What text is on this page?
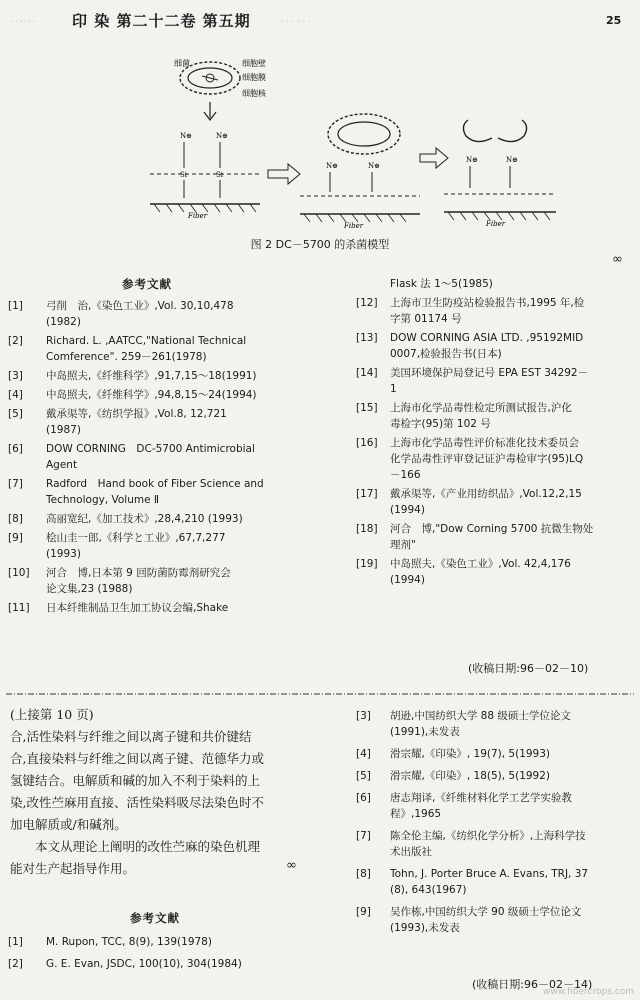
...... 印 染 第二十二卷 第五期	......	25
细菌	细胞壁
细胞膜
细胞核
N⊕	N⊕
Si	Si
Fiber
N⊕	N⊕
Fiber
N⊕	N⊕
Fiber
图 2 DC－5700 的杀菌模型
∞
参考文献
[1] 弓削　治,《染色工业》,Vol. 30,10,478
(1982)
[2] Richard. L. ,AATCC,"National Technical
Comference". 259－261(1978)
[3] 中岛照夫,《纤维科学》,91,7,15～18(1991)
[4] 中岛照夫,《纤维科学》,94,8,15～24(1994)
[5] 戴承渠等,《纺织学报》,Vol.8, 12,721
(1987)
[6] DOW CORNING　DC-5700 Antimicrobial
Agent
[7] Radford　Hand book of Fiber Science and
Technology, Volume Ⅱ
[8] 高丽宽纪,《加工技术》,28,4,210 (1993)
[9] 桧山圭一郎,《科学と工业》,67,7,277
(1993)
[10] 河合　博,日本第 9 回防菌防霉剂研究会
论文集,23 (1988)
[11] 日本纤维制品卫生加工协议会编,Shake
Flask 法 1～5(1985)
[12] 上海市卫生防疫站检验报告书,1995 年,检
字第 01174 号
[13] DOW CORNING ASIA LTD. ,95192MID
0007,检验报告书(日本)
[14] 美国环境保护局登记号 EPA EST 34292－
1
[15] 上海市化学品毒性检定所测试报告,沪化
毒检字(95)第 102 号
[16] 上海市化学品毒性评价标准化技术委员会
化学品毒性评审登记证沪毒检审字(95)LQ
－166
[17] 戴承渠等,《产业用纺织品》,Vol.12,2,15
(1994)
[18] 河合　博,"Dow Corning 5700 抗微生物处
理剂"
[19] 中岛照夫,《染色工业》,Vol. 42,4,176
(1994)
(收稿日期:96－02－10)
(上接第 10 页)
合,活性染料与纤维之间以离子键和共价键结
合,直接染料与纤维之间以离子键、范德华力或
氢键结合。电解质和碱的加入不利于染料的上
染,改性苎麻用直接、活性染料吸尽法染色时不
加电解质或/和碱剂。
　　本文从理论上阐明的改性苎麻的染色机理
能对生产起指导作用。	∞
参考文献
[1] M. Rupon, TCC, 8(9), 139(1978)
[2] G. E. Evan, JSDC, 100(10), 304(1984)
[3] 胡逊,中国纺织大学 88 级硕士学位论文
(1991),未发表
[4] 滑宗耀,《印染》, 19(7), 5(1993)
[5] 滑宗耀,《印染》, 18(5), 5(1992)
[6] 唐志翔译,《纤维材料化学工艺学实验教
程》,1965
[7] 陈全伦主编,《纺织化学分析》,上海科学技
术出版社
[8] Tohn, J. Porter Bruce A. Evans, TRJ, 37
(8), 643(1967)
[9] 吴作栋,中国纺织大学 90 级硕士学位论文
(1993),未发表
(收稿日期:96－02－14)
www.fibercrops.com
